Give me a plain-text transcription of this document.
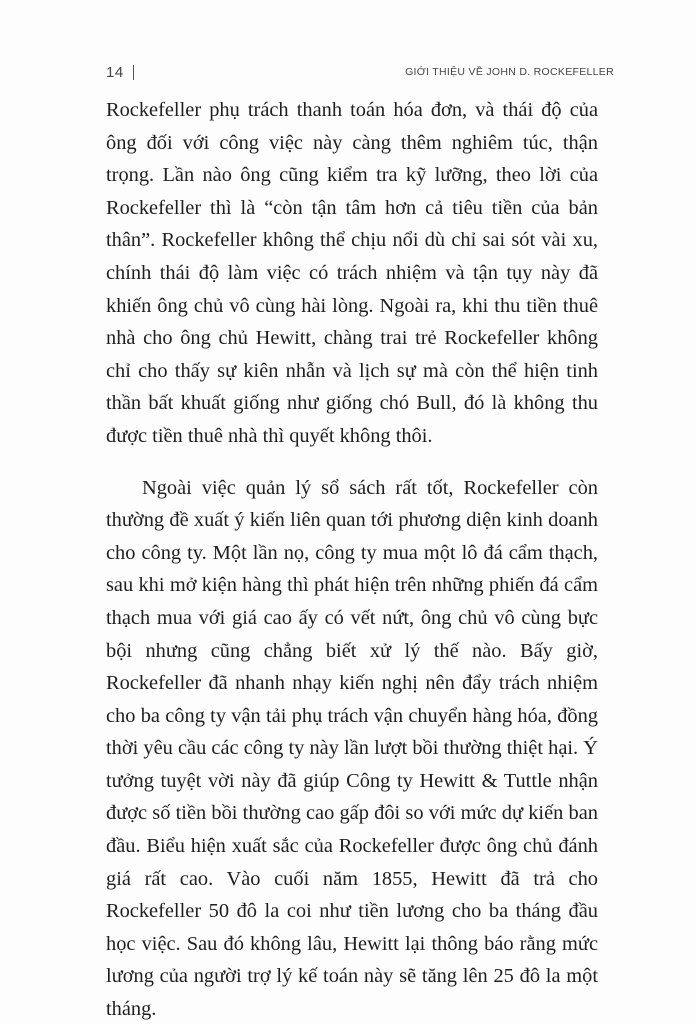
14	GIỚI THIỆU VỀ JOHN D. ROCKEFELLER

Rockefeller phụ trách thanh toán hóa đơn, và thái độ của ông đối với công việc này càng thêm nghiêm túc, thận trọng. Lần nào ông cũng kiểm tra kỹ lưỡng, theo lời của Rockefeller thì là “còn tận tâm hơn cả tiêu tiền của bản thân”. Rockefeller không thể chịu nổi dù chỉ sai sót vài xu, chính thái độ làm việc có trách nhiệm và tận tụy này đã khiến ông chủ vô cùng hài lòng. Ngoài ra, khi thu tiền thuê nhà cho ông chủ Hewitt, chàng trai trẻ Rockefeller không chỉ cho thấy sự kiên nhẫn và lịch sự mà còn thể hiện tinh thần bất khuất giống như giống chó Bull, đó là không thu được tiền thuê nhà thì quyết không thôi.

Ngoài việc quản lý sổ sách rất tốt, Rockefeller còn thường đề xuất ý kiến liên quan tới phương diện kinh doanh cho công ty. Một lần nọ, công ty mua một lô đá cẩm thạch, sau khi mở kiện hàng thì phát hiện trên những phiến đá cẩm thạch mua với giá cao ấy có vết nứt, ông chủ vô cùng bực bội nhưng cũng chẳng biết xử lý thế nào. Bấy giờ, Rockefeller đã nhanh nhạy kiến nghị nên đẩy trách nhiệm cho ba công ty vận tải phụ trách vận chuyển hàng hóa, đồng thời yêu cầu các công ty này lần lượt bồi thường thiệt hại. Ý tưởng tuyệt vời này đã giúp Công ty Hewitt & Tuttle nhận được số tiền bồi thường cao gấp đôi so với mức dự kiến ban đầu. Biểu hiện xuất sắc của Rockefeller được ông chủ đánh giá rất cao. Vào cuối năm 1855, Hewitt đã trả cho Rockefeller 50 đô la coi như tiền lương cho ba tháng đầu học việc. Sau đó không lâu, Hewitt lại thông báo rằng mức lương của người trợ lý kế toán này sẽ tăng lên 25 đô la một tháng.
